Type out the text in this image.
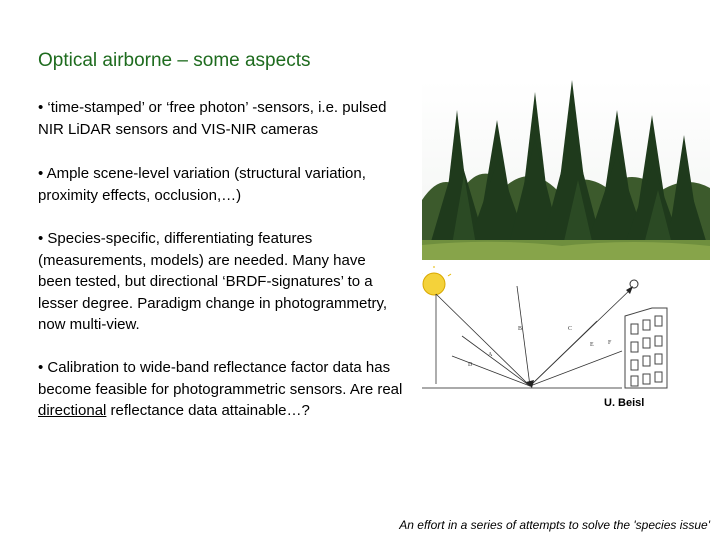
Optical airborne – some aspects
• ‘time-stamped’ or ‘free photon’ -sensors, i.e. pulsed NIR LiDAR sensors and VIS-NIR cameras
• Ample scene-level variation (structural variation, proximity effects, occlusion,…)
• Species-specific, differentiating features (measurements, models) are needed. Many have been tested, but directional ‘BRDF-signatures’ to a lesser degree. Paradigm change in photogrammetry, now multi-view.
• Calibration to wide-band reflectance factor data has become feasible for photogrammetric sensors. Are real directional reflectance data attainable…?
A
B	C
D
E F
U. Beisl
An effort in a series of attempts to solve the 'species issue'
